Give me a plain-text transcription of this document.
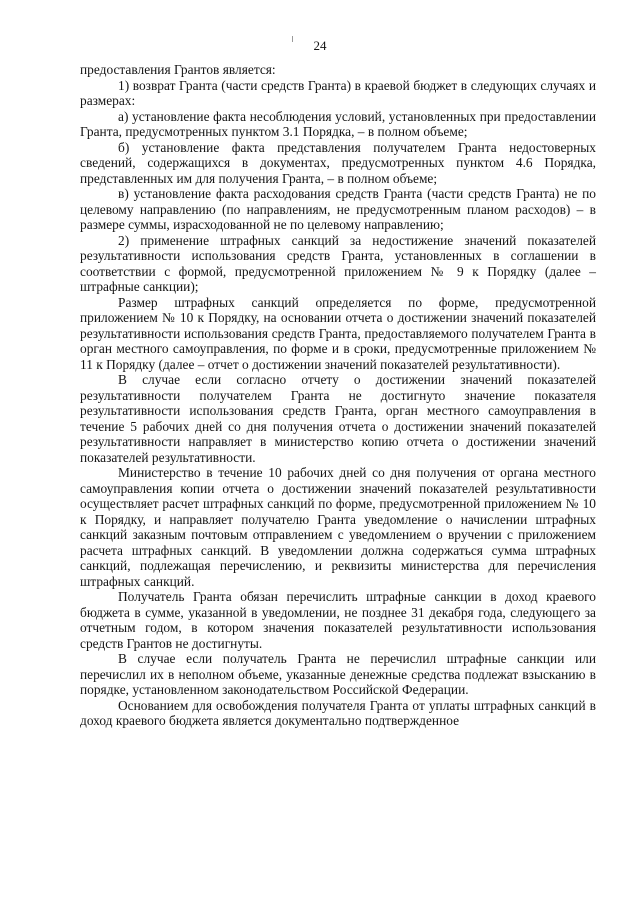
24

предоставления Грантов является:

1) возврат Гранта (части средств Гранта) в краевой бюджет в следующих случаях и размерах:

а) установление факта несоблюдения условий, установленных при предоставлении Гранта, предусмотренных пунктом 3.1 Порядка, – в полном объеме;

б) установление факта представления получателем Гранта недостоверных сведений, содержащихся в документах, предусмотренных пунктом 4.6 Порядка, представленных им для получения Гранта, – в полном объеме;

в) установление факта расходования средств Гранта (части средств Гранта) не по целевому направлению (по направлениям, не предусмотренным планом расходов) – в размере суммы, израсходованной не по целевому направлению;

2) применение штрафных санкций за недостижение значений показателей результативности использования средств Гранта, установленных в соглашении в соответствии с формой, предусмотренной приложением № 9 к Порядку (далее – штрафные санкции);

Размер штрафных санкций определяется по форме, предусмотренной приложением № 10 к Порядку, на основании отчета о достижении значений показателей результативности использования средств Гранта, предоставляемого получателем Гранта в орган местного самоуправления, по форме и в сроки, предусмотренные приложением № 11 к Порядку (далее – отчет о достижении значений показателей результативности).

В случае если согласно отчету о достижении значений показателей результативности получателем Гранта не достигнуто значение показателя результативности использования средств Гранта, орган местного самоуправления в течение 5 рабочих дней со дня получения отчета о достижении значений показателей результативности направляет в министерство копию отчета о достижении значений показателей результативности.

Министерство в течение 10 рабочих дней со дня получения от органа местного самоуправления копии отчета о достижении значений показателей результативности осуществляет расчет штрафных санкций по форме, предусмотренной приложением № 10 к Порядку, и направляет получателю Гранта уведомление о начислении штрафных санкций заказным почтовым отправлением с уведомлением о вручении с приложением расчета штрафных санкций. В уведомлении должна содержаться сумма штрафных санкций, подлежащая перечислению, и реквизиты министерства для перечисления штрафных санкций.

Получатель Гранта обязан перечислить штрафные санкции в доход краевого бюджета в сумме, указанной в уведомлении, не позднее 31 декабря года, следующего за отчетным годом, в котором значения показателей результативности использования средств Грантов не достигнуты.

В случае если получатель Гранта не перечислил штрафные санкции или перечислил их в неполном объеме, указанные денежные средства подлежат взысканию в порядке, установленном законодательством Российской Федерации.

Основанием для освобождения получателя Гранта от уплаты штрафных санкций в доход краевого бюджета является документально подтвержденное
